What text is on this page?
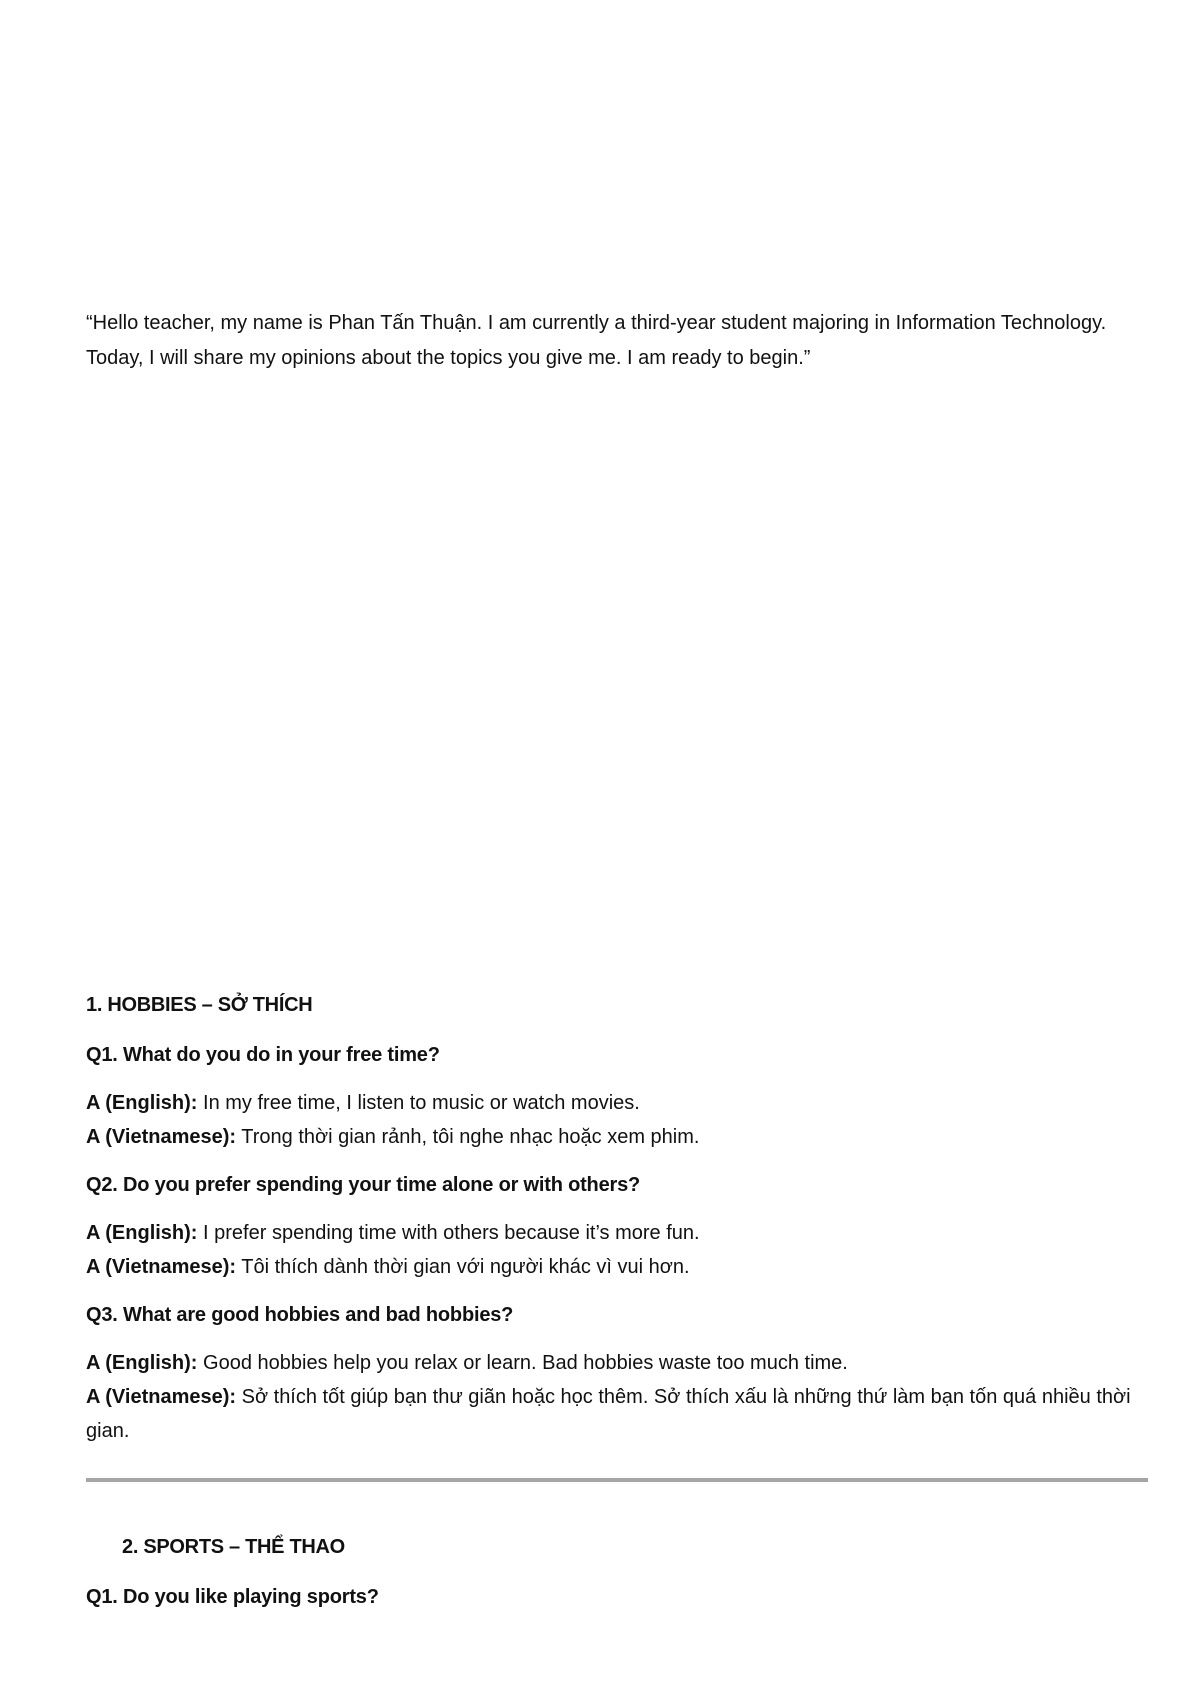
“Hello teacher, my name is Phan Tấn Thuận. I am currently a third-year student majoring in Information Technology. Today, I will share my opinions about the topics you give me. I am ready to begin.”

1. HOBBIES – SỞ THÍCH

Q1. What do you do in your free time?

A (English): In my free time, I listen to music or watch movies.
A (Vietnamese): Trong thời gian rảnh, tôi nghe nhạc hoặc xem phim.

Q2. Do you prefer spending your time alone or with others?

A (English): I prefer spending time with others because it’s more fun.
A (Vietnamese): Tôi thích dành thời gian với người khác vì vui hơn.

Q3. What are good hobbies and bad hobbies?

A (English): Good hobbies help you relax or learn. Bad hobbies waste too much time.
A (Vietnamese): Sở thích tốt giúp bạn thư giãn hoặc học thêm. Sở thích xấu là những thứ làm bạn tốn quá nhiều thời gian.

2. SPORTS – THỂ THAO

Q1. Do you like playing sports?
